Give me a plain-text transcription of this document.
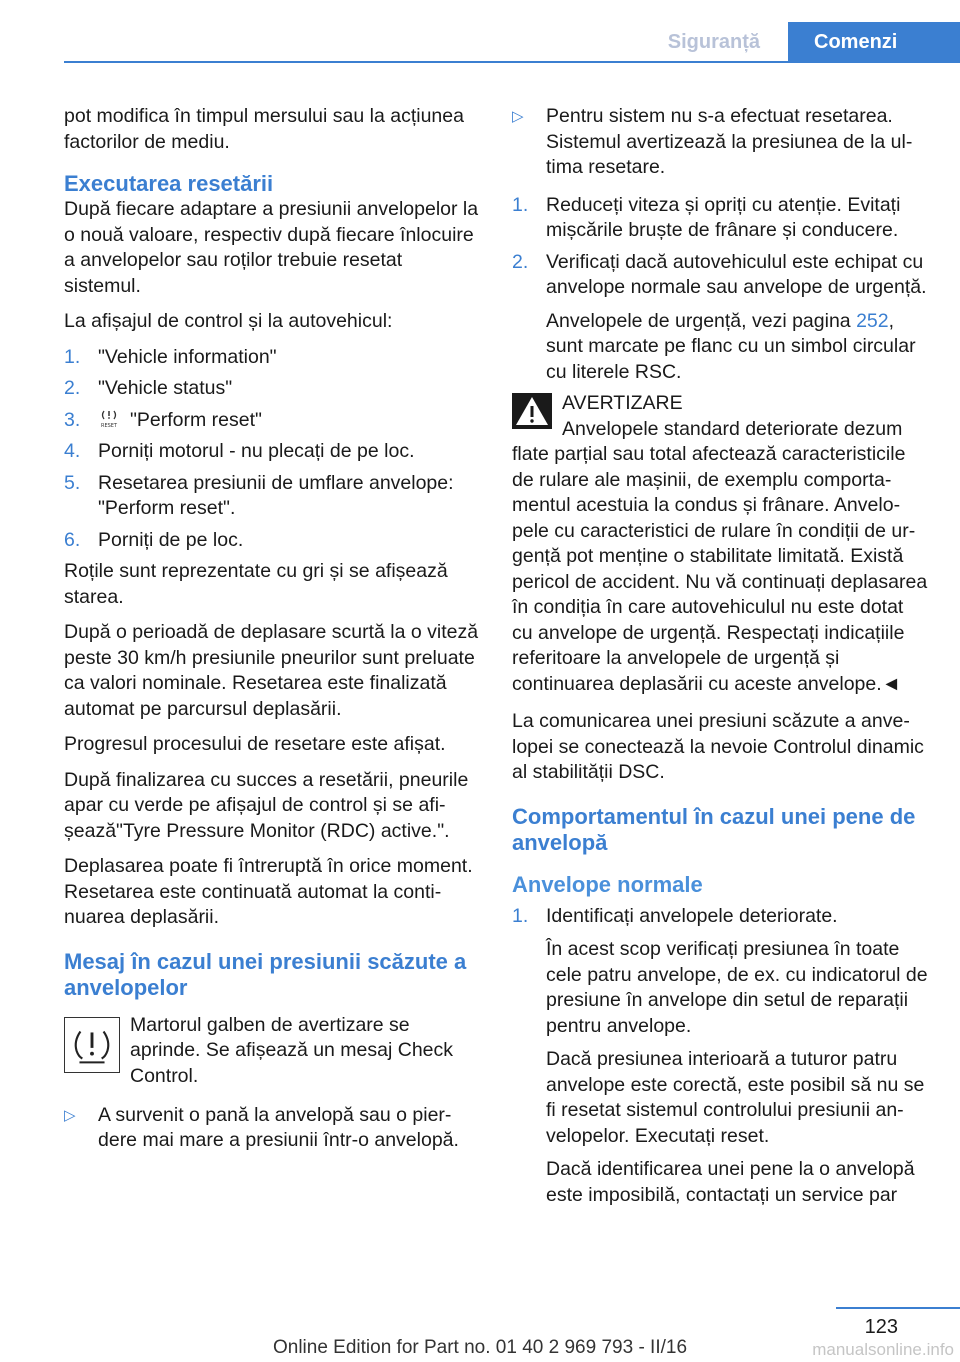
Siguranță	Comenzi

pot modifica în timpul mersului sau la acțiunea factorilor de mediu.

Executarea resetării

După fiecare adaptare a presiunii anvelopelor la o nouă valoare, respectiv după fiecare înlocuire a anvelopelor sau roților trebuie resetat sistemul.

La afișajul de control și la autovehicul:

1. "Vehicle information"
2. "Vehicle status"
3.	RESET "Perform reset"
4. Porniți motorul - nu plecați de pe loc.
5. Resetarea presiunii de umflare anvelope: "Perform reset".
6. Porniți de pe loc.

Roțile sunt reprezentate cu gri și se afișează starea.

După o perioadă de deplasare scurtă la o viteză peste 30 km/h presiunile pneurilor sunt preluate ca valori nominale. Resetarea este finalizată automat pe parcursul deplasării.

Progresul procesului de resetare este afișat.

După finalizarea cu succes a resetării, pneurile apar cu verde pe afișajul de control și se afișează"Tyre Pressure Monitor (RDC) active.".

Deplasarea poate fi întreruptă în orice moment. Resetarea este continuată automat la continuarea deplasării.

Mesaj în cazul unei presiunii scăzute a anvelopelor
Martorul galben de avertizare se aprinde. Se afișează un mesaj Check Control.
▷	A survenit o pană la anvelopă sau o pierdere mai mare a presiunii într-o anvelopă.
▷	Pentru sistem nu s-a efectuat resetarea. Sistemul avertizează la presiunea de la ultima resetare.
1. Reduceți viteza și opriți cu atenție. Evitați mișcările bruște de frânare și conducere.
2. Verificați dacă autovehiculul este echipat cu anvelope normale sau anvelope de urgență.
Anvelopele de urgență, vezi pagina 252, sunt marcate pe flanc cu un simbol circular cu literele RSC.
AVERTIZARE
Anvelopele standard deteriorate dezum
flate parțial sau total afectează caracteristicile de rulare ale mașinii, de exemplu comportamentul acestuia la condus și frânare. Anvelopele cu caracteristici de rulare în condiții de urgență pot menține o stabilitate limitată. Există pericol de accident. Nu vă continuați deplasarea în condiția în care autovehiculul nu este dotat cu anvelope de urgență. Respectați indicațiile referitoare la anvelopele de urgență și continuarea deplasării cu aceste anvelope.◄

La comunicarea unei presiuni scăzute a anvelopei se conectează la nevoie Controlul dinamic al stabilității DSC.

Comportamentul în cazul unei pene de anvelopă
Anvelope normale
1. Identificați anvelopele deteriorate.
În acest scop verificați presiunea în toate cele patru anvelope, de ex. cu indicatorul de presiune în anvelope din setul de reparații pentru anvelope.
Dacă presiunea interioară a tuturor patru anvelope este corectă, este posibil să nu se fi resetat sistemul controlului presiunii anvelopelor. Executați reset.
Dacă identificarea unei pene la o anvelopă este imposibilă, contactați un service par
123
Online Edition for Part no. 01 40 2 969 793 - II/16	manualsonline.info
